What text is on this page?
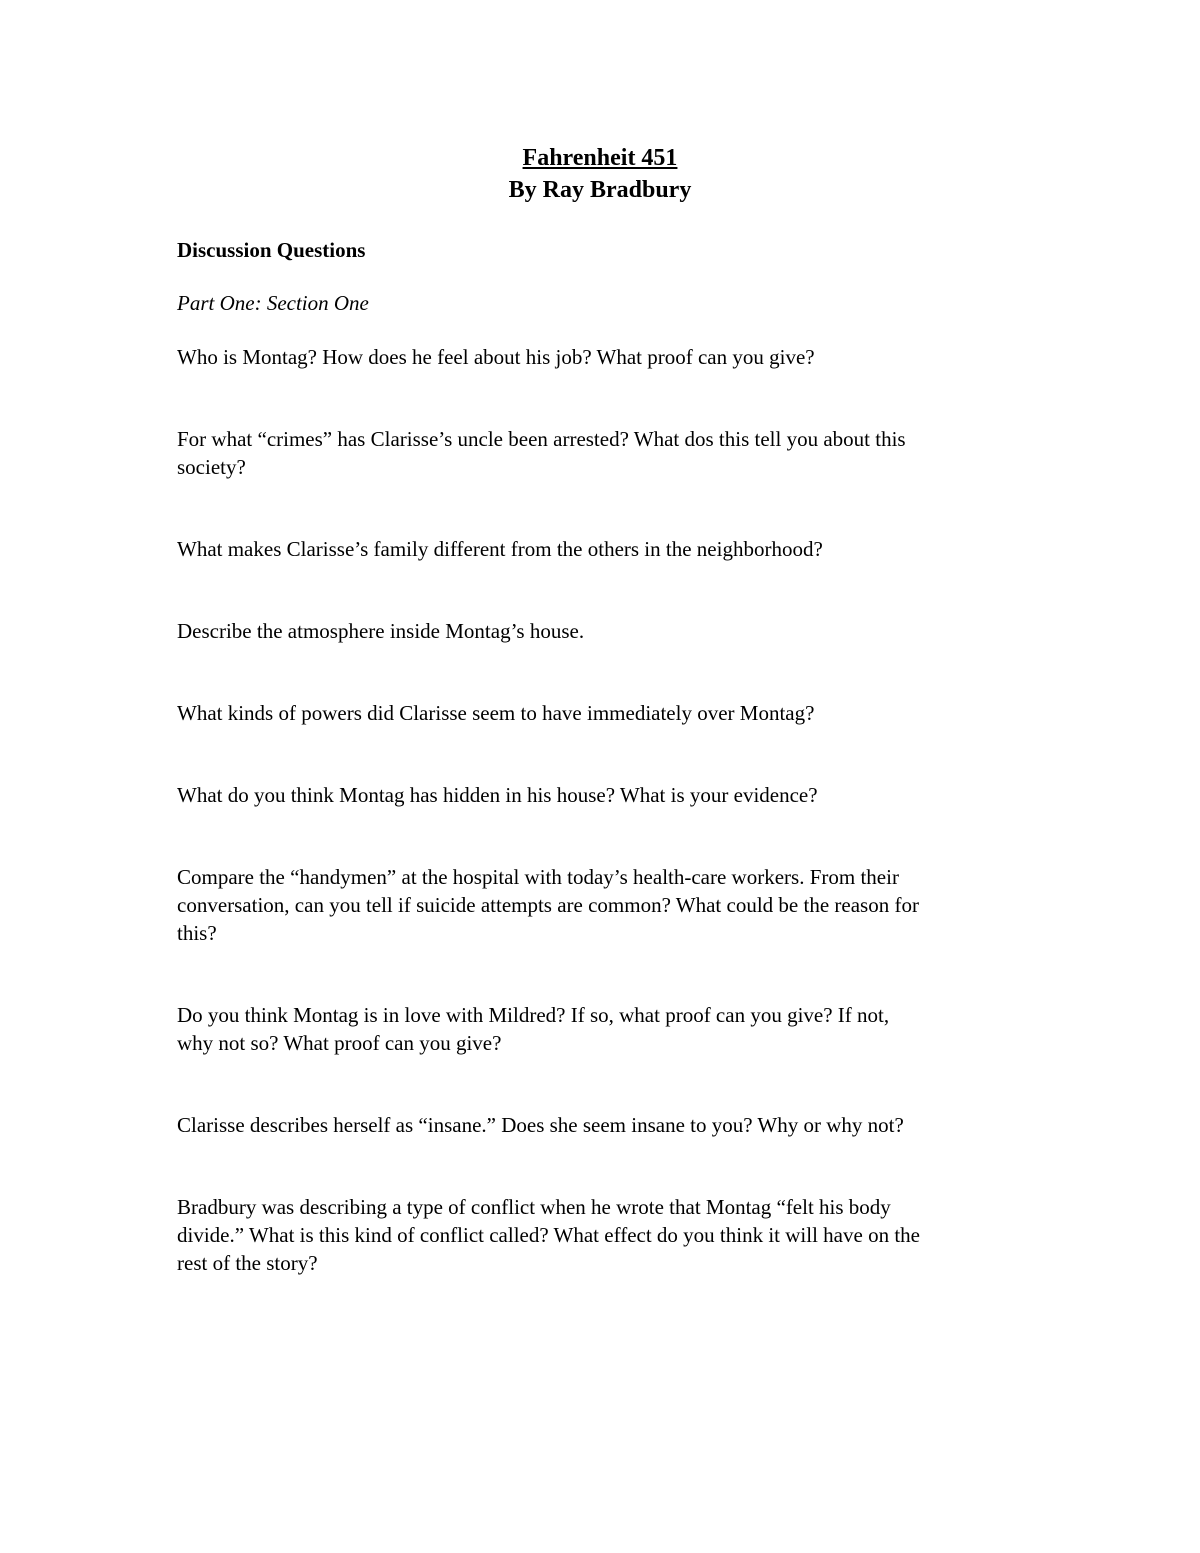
Fahrenheit 451
By Ray Bradbury

Discussion Questions

Part One: Section One

Who is Montag? How does he feel about his job? What proof can you give?
For what “crimes” has Clarisse’s uncle been arrested? What dos this tell you about this
society?
What makes Clarisse’s family different from the others in the neighborhood?
Describe the atmosphere inside Montag’s house.
What kinds of powers did Clarisse seem to have immediately over Montag?
What do you think Montag has hidden in his house? What is your evidence?
Compare the “handymen” at the hospital with today’s health-care workers. From their
conversation, can you tell if suicide attempts are common? What could be the reason for
this?
Do you think Montag is in love with Mildred? If so, what proof can you give? If not,
why not so? What proof can you give?
Clarisse describes herself as “insane.” Does she seem insane to you? Why or why not?
Bradbury was describing a type of conflict when he wrote that Montag “felt his body
divide.” What is this kind of conflict called? What effect do you think it will have on the
rest of the story?
